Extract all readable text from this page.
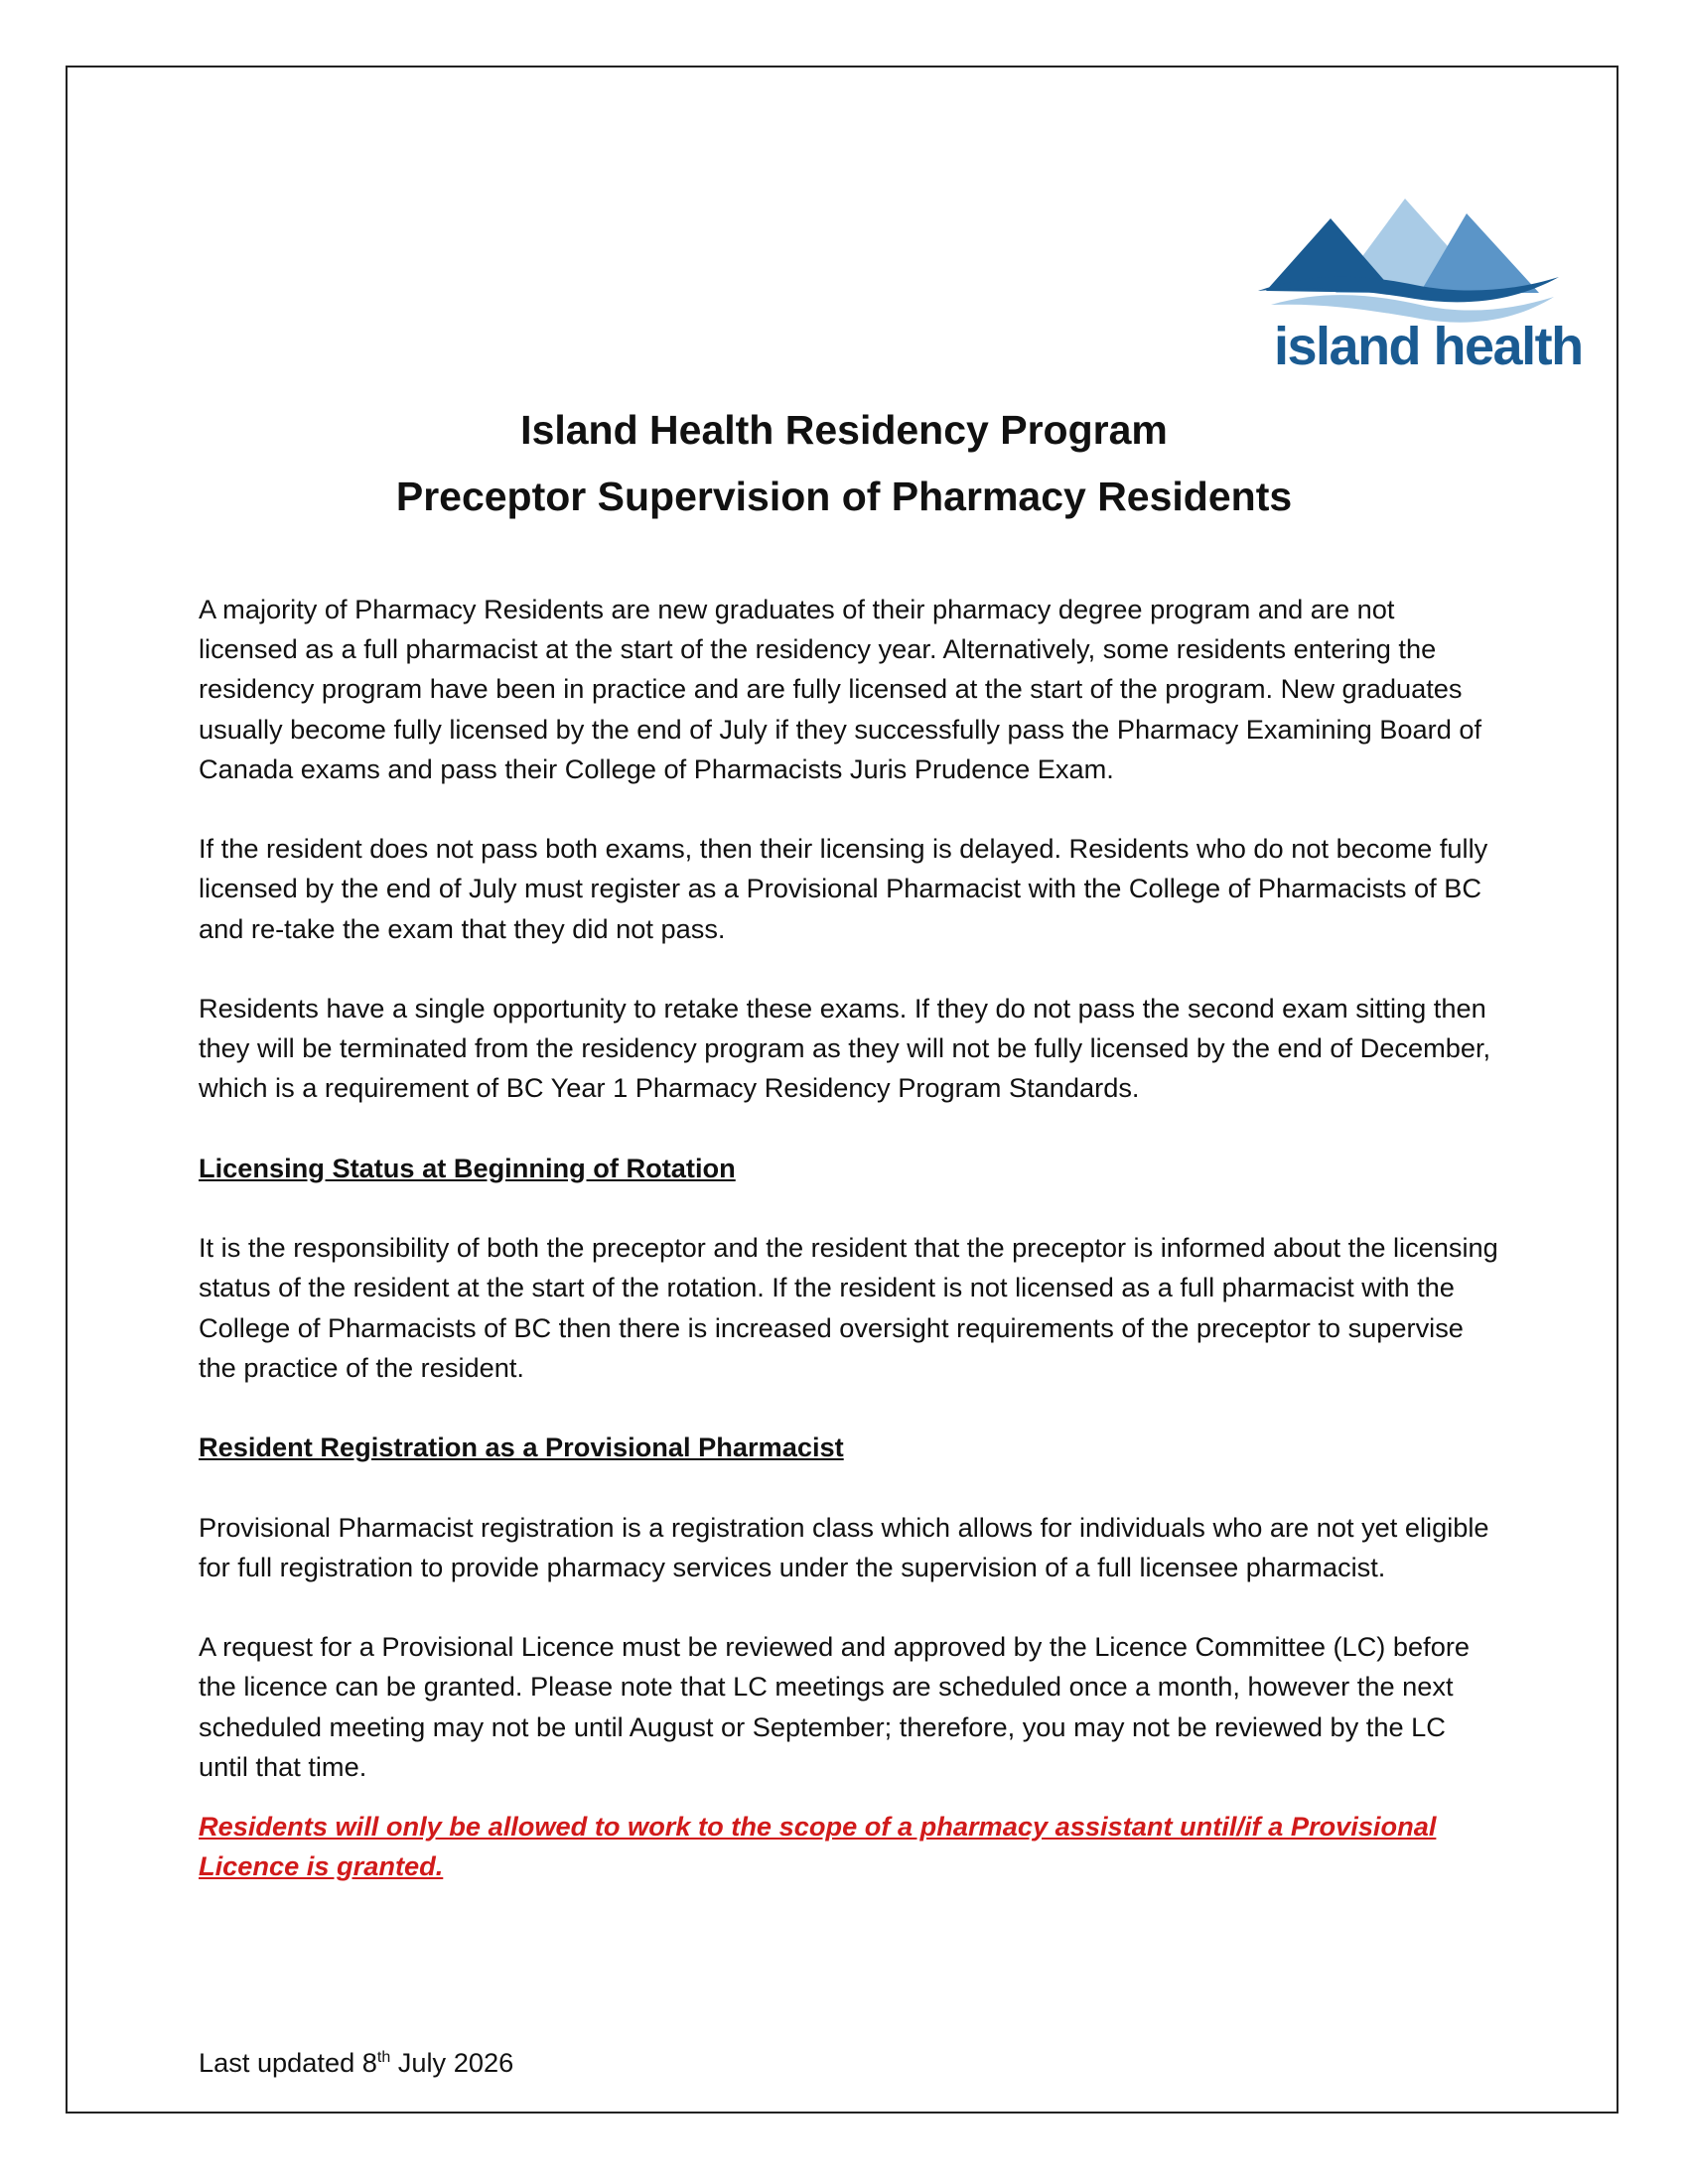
island health
Island Health Residency Program
Preceptor Supervision of Pharmacy Residents

A majority of Pharmacy Residents are new graduates of their pharmacy degree program and are not licensed as a full pharmacist at the start of the residency year. Alternatively, some residents entering the residency program have been in practice and are fully licensed at the start of the program. New graduates usually become fully licensed by the end of July if they successfully pass the Pharmacy Examining Board of Canada exams and pass their College of Pharmacists Juris Prudence Exam.

If the resident does not pass both exams, then their licensing is delayed. Residents who do not become fully licensed by the end of July must register as a Provisional Pharmacist with the College of Pharmacists of BC and re-take the exam that they did not pass.

Residents have a single opportunity to retake these exams. If they do not pass the second exam sitting then they will be terminated from the residency program as they will not be fully licensed by the end of December, which is a requirement of BC Year 1 Pharmacy Residency Program Standards.

Licensing Status at Beginning of Rotation

It is the responsibility of both the preceptor and the resident that the preceptor is informed about the licensing status of the resident at the start of the rotation. If the resident is not licensed as a full pharmacist with the College of Pharmacists of BC then there is increased oversight requirements of the preceptor to supervise the practice of the resident.

Resident Registration as a Provisional Pharmacist

Provisional Pharmacist registration is a registration class which allows for individuals who are not yet eligible for full registration to provide pharmacy services under the supervision of a full licensee pharmacist.

A request for a Provisional Licence must be reviewed and approved by the Licence Committee (LC) before the licence can be granted. Please note that LC meetings are scheduled once a month, however the next scheduled meeting may not be until August or September; therefore, you may not be reviewed by the LC until that time.

Residents will only be allowed to work to the scope of a pharmacy assistant until/if a Provisional Licence is granted.

Last updated 8th July 2026
